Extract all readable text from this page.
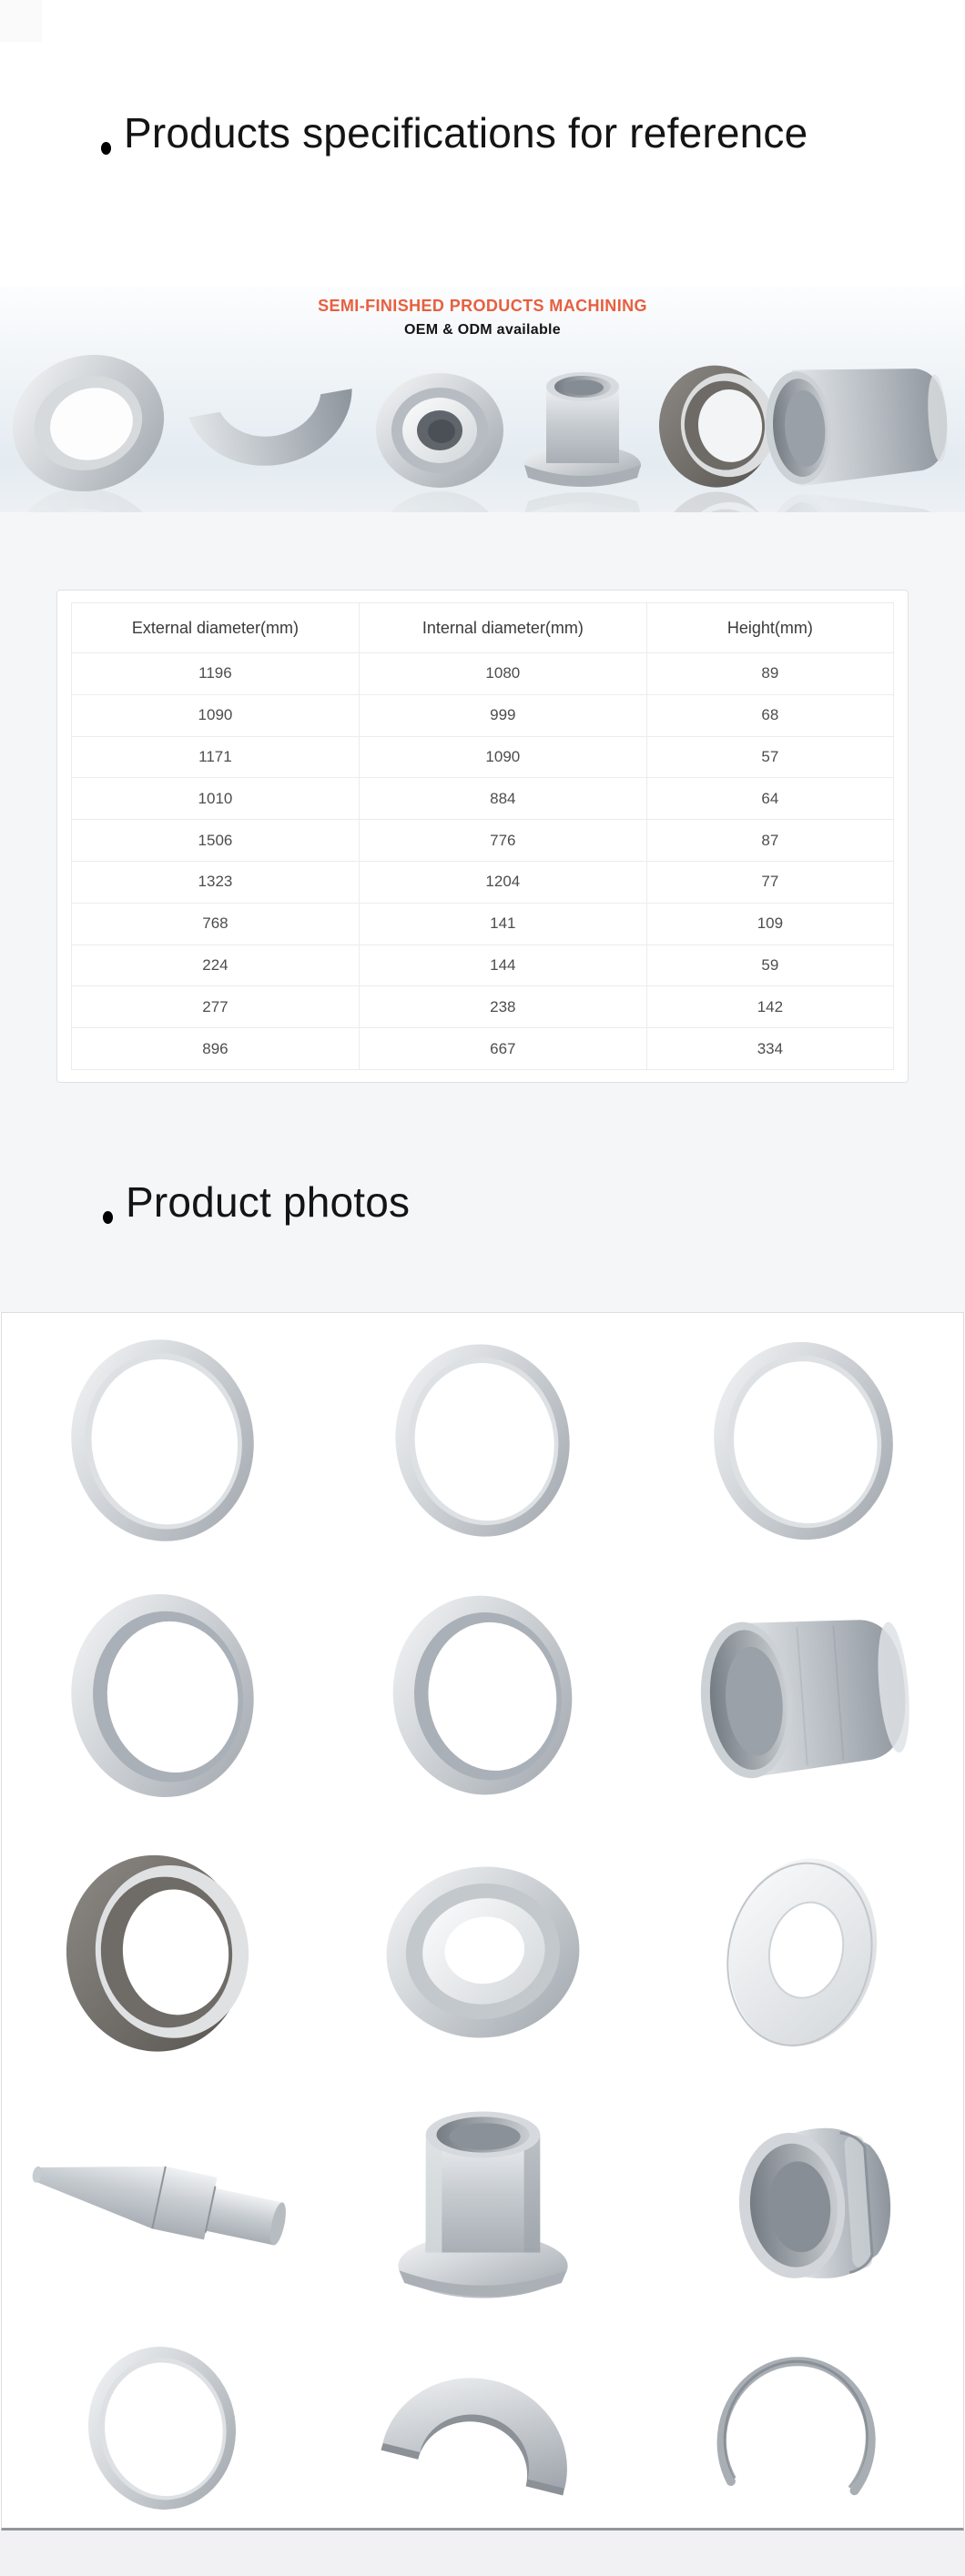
Products specifications for reference
SEMI-FINISHED PRODUCTS MACHINING
OEM & ODM available
External diameter(mm)	Internal diameter(mm)	Height(mm)
1196	1080	89
1090	999	68
1171	1090	57
1010	884	64
1506	776	87
1323	1204	77
768	141	109
224	144	59
277	238	142
896	667	334
Product photos
